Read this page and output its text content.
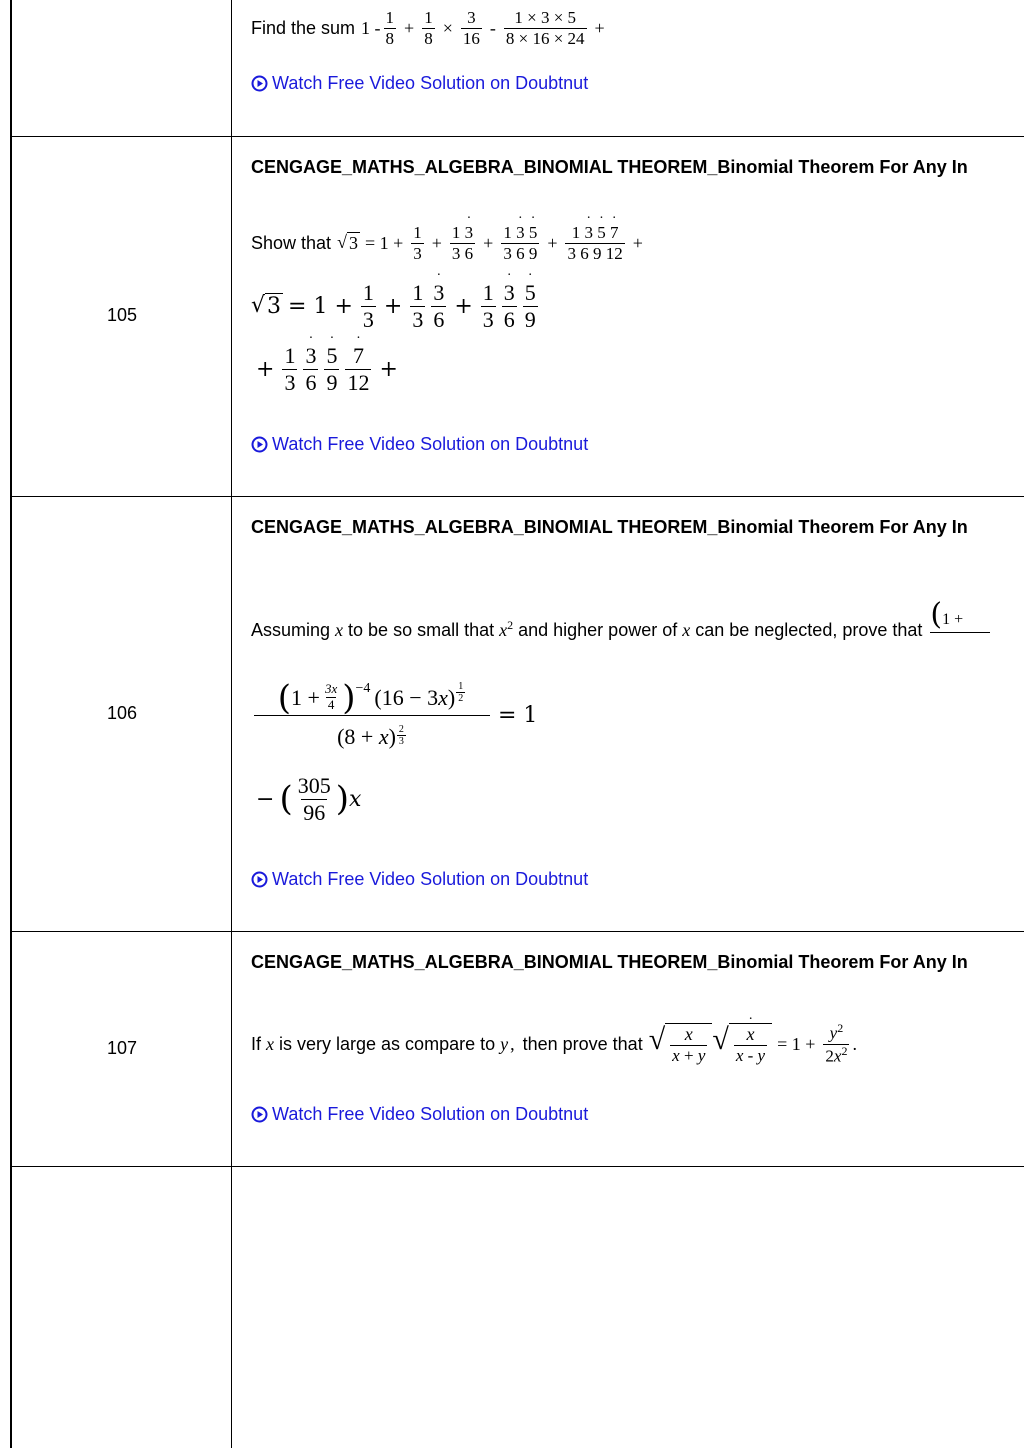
Find the sum $1 - \frac{1}{8} + \frac{1}{8} \times \frac{3}{16} - \frac{1 \times 3 \times 5}{8 \times 16 \times 24}$ +
Watch Free Video Solution on Doubtnut
105
CENGAGE_MATHS_ALGEBRA_BINOMIAL THEOREM_Binomial Theorem For Any In
Show that √ $3 = 1 + \frac{1}{3} + \frac{1 \cdot 3}{3 6} + \frac{1 \cdot 3 \cdot 5}{3 6 9} + \frac{1 \cdot 3 \cdot 5 \cdot 7}{3 6 9 12}$ +
√ $3 = 1 + \frac{1}{3} + \frac{1}{3}$
· $\frac{3}{6} + \frac{1}{3}$
· $\frac{3}{6}$
· $\frac{5}{9}$
+ $\frac{1}{3}$
· $\frac{3}{6}$
· $\frac{5}{9}$
· $\frac{7}{12}$ +
Watch Free Video Solution on Doubtnut
106
CENGAGE_MATHS_ALGEBRA_BINOMIAL THEOREM_Binomial Theorem For Any In
Assuming x to be so small that $x^2$ and higher power of x can be neglected, prove that (1 +
( $1 + \frac{3x}{4}$ ) −4 $(16 - 3x) \frac{1}{2}$
$(8 + x) \frac{2}{3}$
= 1
− ( $\frac{305}{96}$ ) x
Watch Free Video Solution on Doubtnut
107
CENGAGE_MATHS_ALGEBRA_BINOMIAL THEOREM_Binomial Theorem For Any In
If x is very large as compare to y , then prove that √ $\frac{x}{x + y}$ √
· $\frac{x}{x - y} = 1 + \frac{y^2}{2x^2}$ .
Watch Free Video Solution on Doubtnut
